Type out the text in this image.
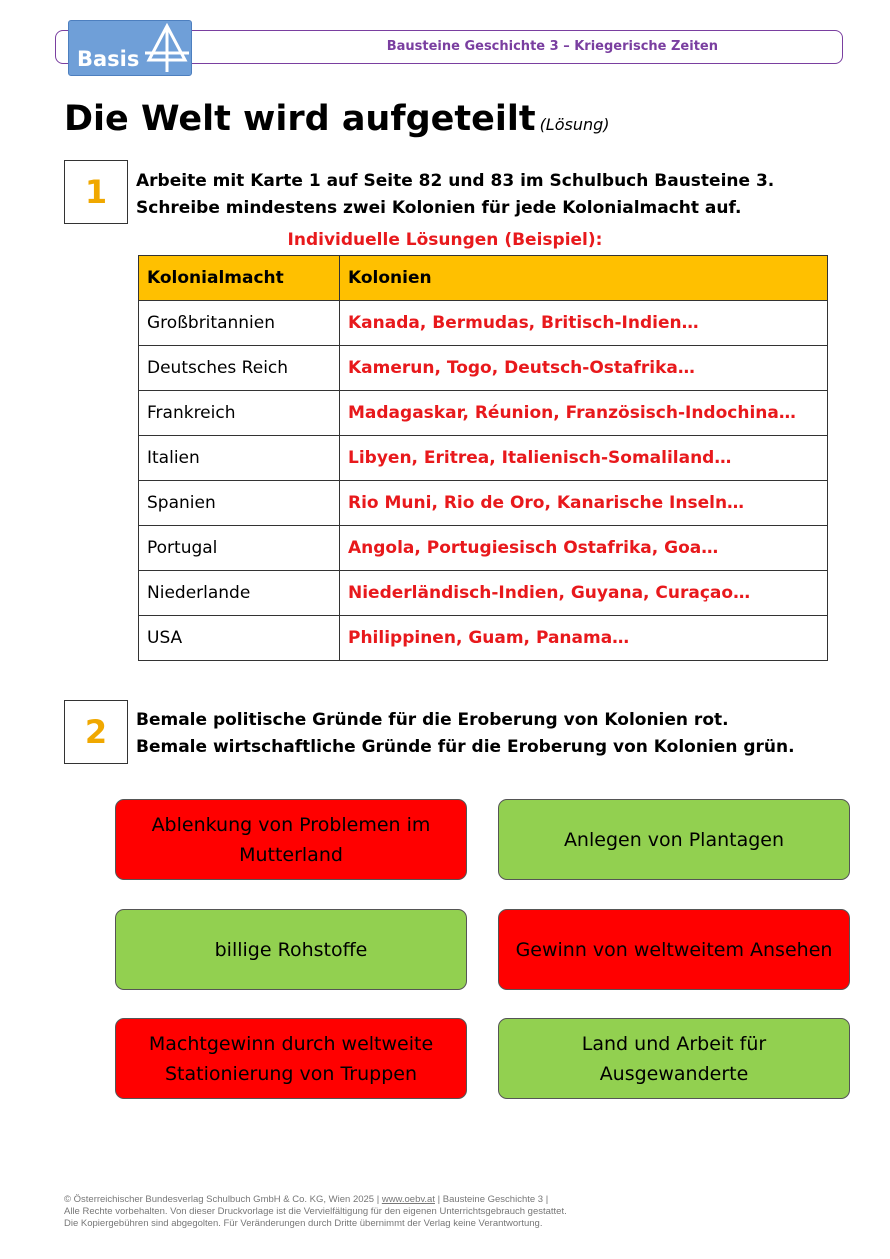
Bausteine Geschichte 3 – Kriegerische Zeiten
Basis
Die Welt wird aufgeteilt (Lösung)
1	Arbeite mit Karte 1 auf Seite 82 und 83 im Schulbuch Bausteine 3.
Schreibe mindestens zwei Kolonien für jede Kolonialmacht auf.
Individuelle Lösungen (Beispiel):
Kolonialmacht	Kolonien
Großbritannien	Kanada, Bermudas, Britisch-Indien…
Deutsches Reich	Kamerun, Togo, Deutsch-Ostafrika…
Frankreich	Madagaskar, Réunion, Französisch-Indochina…
Italien	Libyen, Eritrea, Italienisch-Somaliland…
Spanien	Rio Muni, Rio de Oro, Kanarische Inseln…
Portugal	Angola, Portugiesisch Ostafrika, Goa…
Niederlande	Niederländisch-Indien, Guyana, Curaçao…
USA	Philippinen, Guam, Panama…
2	Bemale politische Gründe für die Eroberung von Kolonien rot.
Bemale wirtschaftliche Gründe für die Eroberung von Kolonien grün.
Ablenkung von Problemen im Mutterland
Anlegen von Plantagen
billige Rohstoffe	Gewinn von weltweitem Ansehen
Machtgewinn durch weltweite Stationierung von Truppen
Land und Arbeit für Ausgewanderte
© Österreichischer Bundesverlag Schulbuch GmbH & Co. KG, Wien 2025 | www.oebv.at | Bausteine Geschichte 3 |
Alle Rechte vorbehalten. Von dieser Druckvorlage ist die Vervielfältigung für den eigenen Unterrichtsgebrauch gestattet.
Die Kopiergebühren sind abgegolten. Für Veränderungen durch Dritte übernimmt der Verlag keine Verantwortung.
